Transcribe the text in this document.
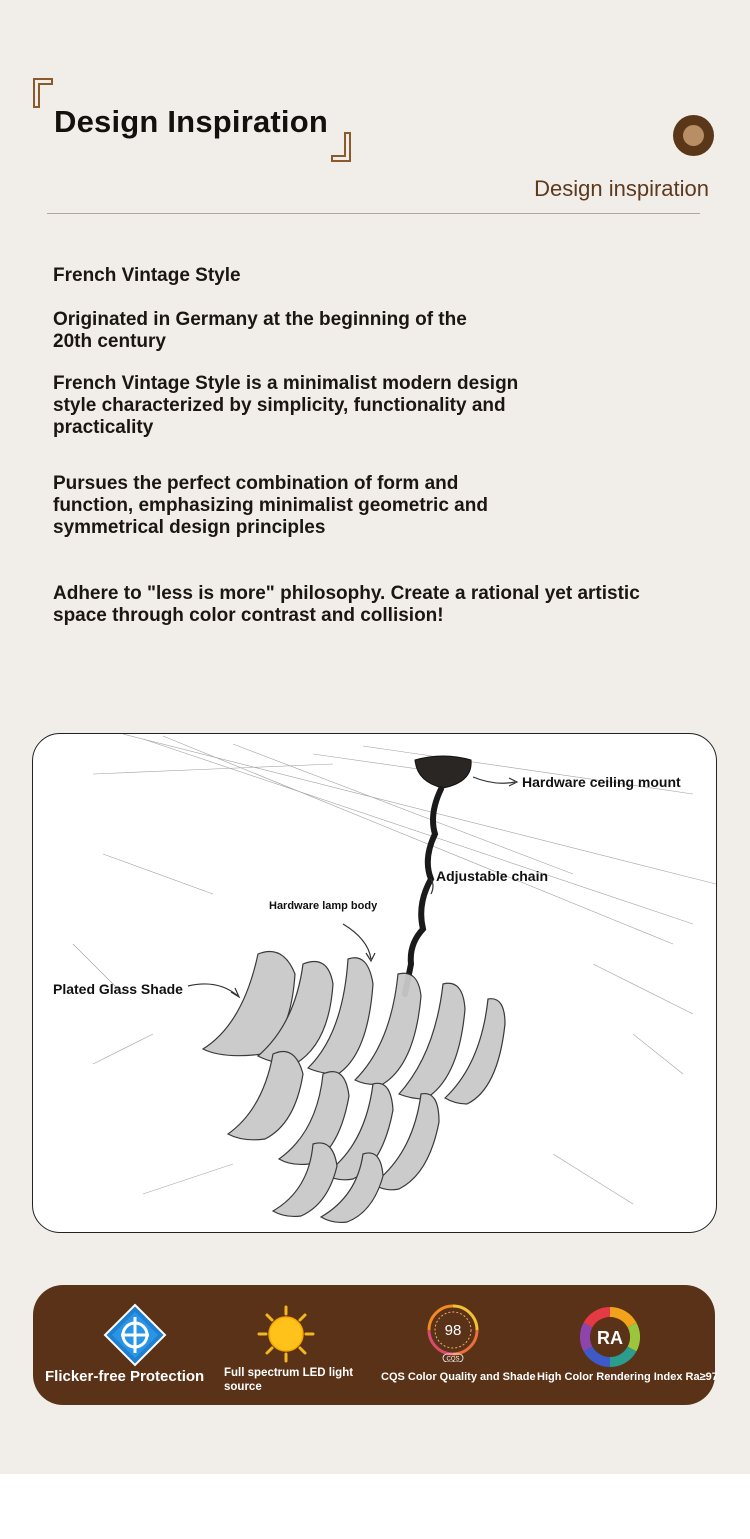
Design Inspiration

Design inspiration

French Vintage Style

Originated in Germany at the beginning of the 20th century

French Vintage Style is a minimalist modern design style characterized by simplicity, functionality and practicality

Pursues the perfect combination of form and function, emphasizing minimalist geometric and symmetrical design principles

Adhere to "less is more" philosophy. Create a rational yet artistic space through color contrast and collision!

Hardware ceiling mount
Adjustable chain
Hardware lamp body
Plated Glass Shade
Flicker-free Protection Full spectrum LED light source
98
CQS
CQS Color Quality and Shade
RA
High Color Rendering Index Ra≥97
